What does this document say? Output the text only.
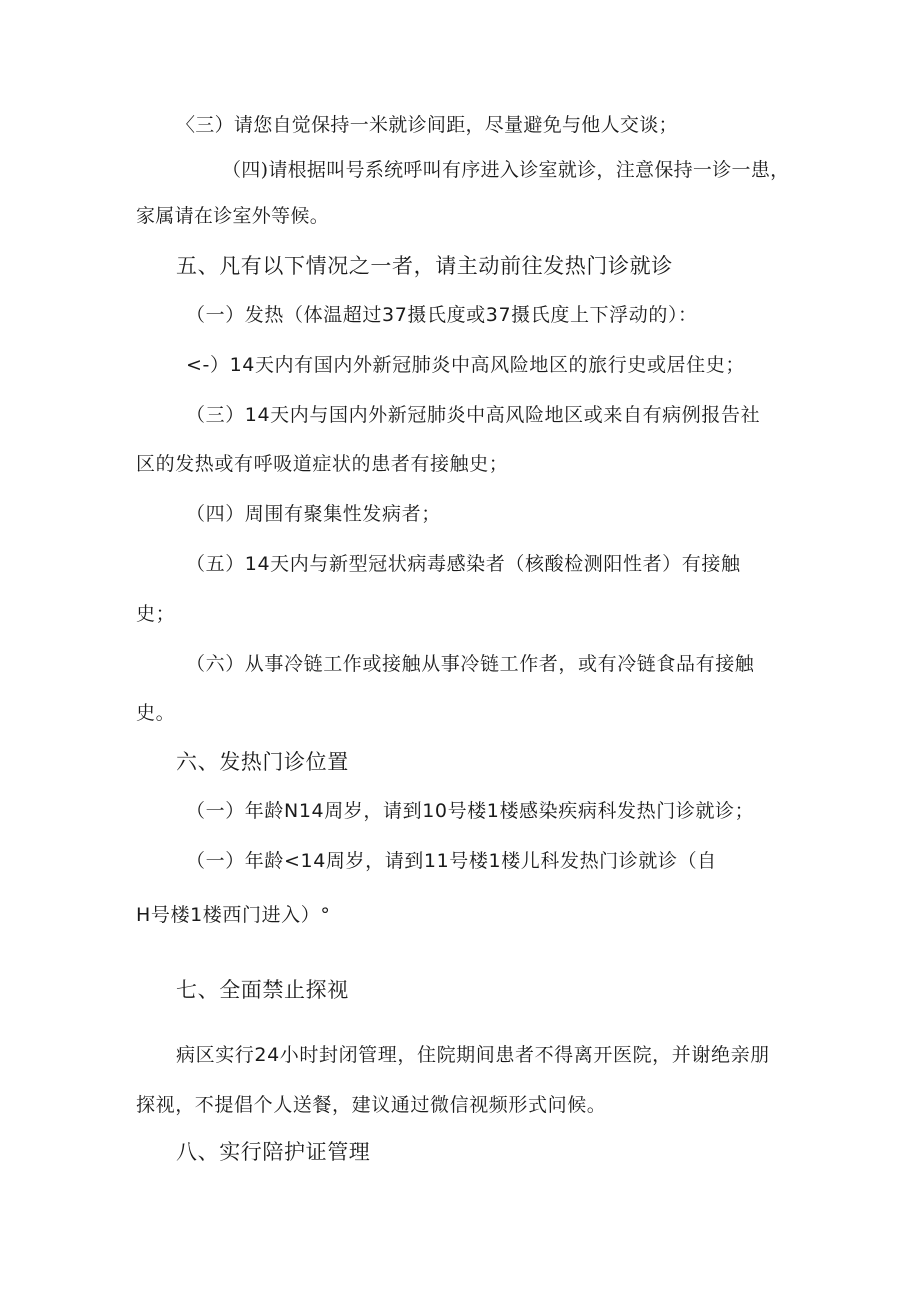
〈三）请您自觉保持一米就诊间距，尽量避免与他人交谈；
（四)请根据叫号系统呼叫有序进入诊室就诊，注意保持一诊一患，
家属请在诊室外等候。
五、凡有以下情况之一者，请主动前往发热门诊就诊
（一）发热（体温超过37摄氏度或37摄氏度上下浮动的）：
<-）14天内有国内外新冠肺炎中高风险地区的旅行史或居住史；
（三）14天内与国内外新冠肺炎中高风险地区或来自有病例报告社
区的发热或有呼吸道症状的患者有接触史；
（四）周围有聚集性发病者；
（五）14天内与新型冠状病毒感染者（核酸检测阳性者）有接触
史；
（六）从事冷链工作或接触从事冷链工作者，或有冷链食品有接触
史。
六、发热门诊位置
（一）年龄N14周岁，请到10号楼1楼感染疾病科发热门诊就诊；
（一）年龄<14周岁，请到11号楼1楼儿科发热门诊就诊（自
H号楼1楼西门进入）°
七、全面禁止探视
病区实行24小时封闭管理，住院期间患者不得离开医院，并谢绝亲朋
探视，不提倡个人送餐，建议通过微信视频形式问候。
八、实行陪护证管理
